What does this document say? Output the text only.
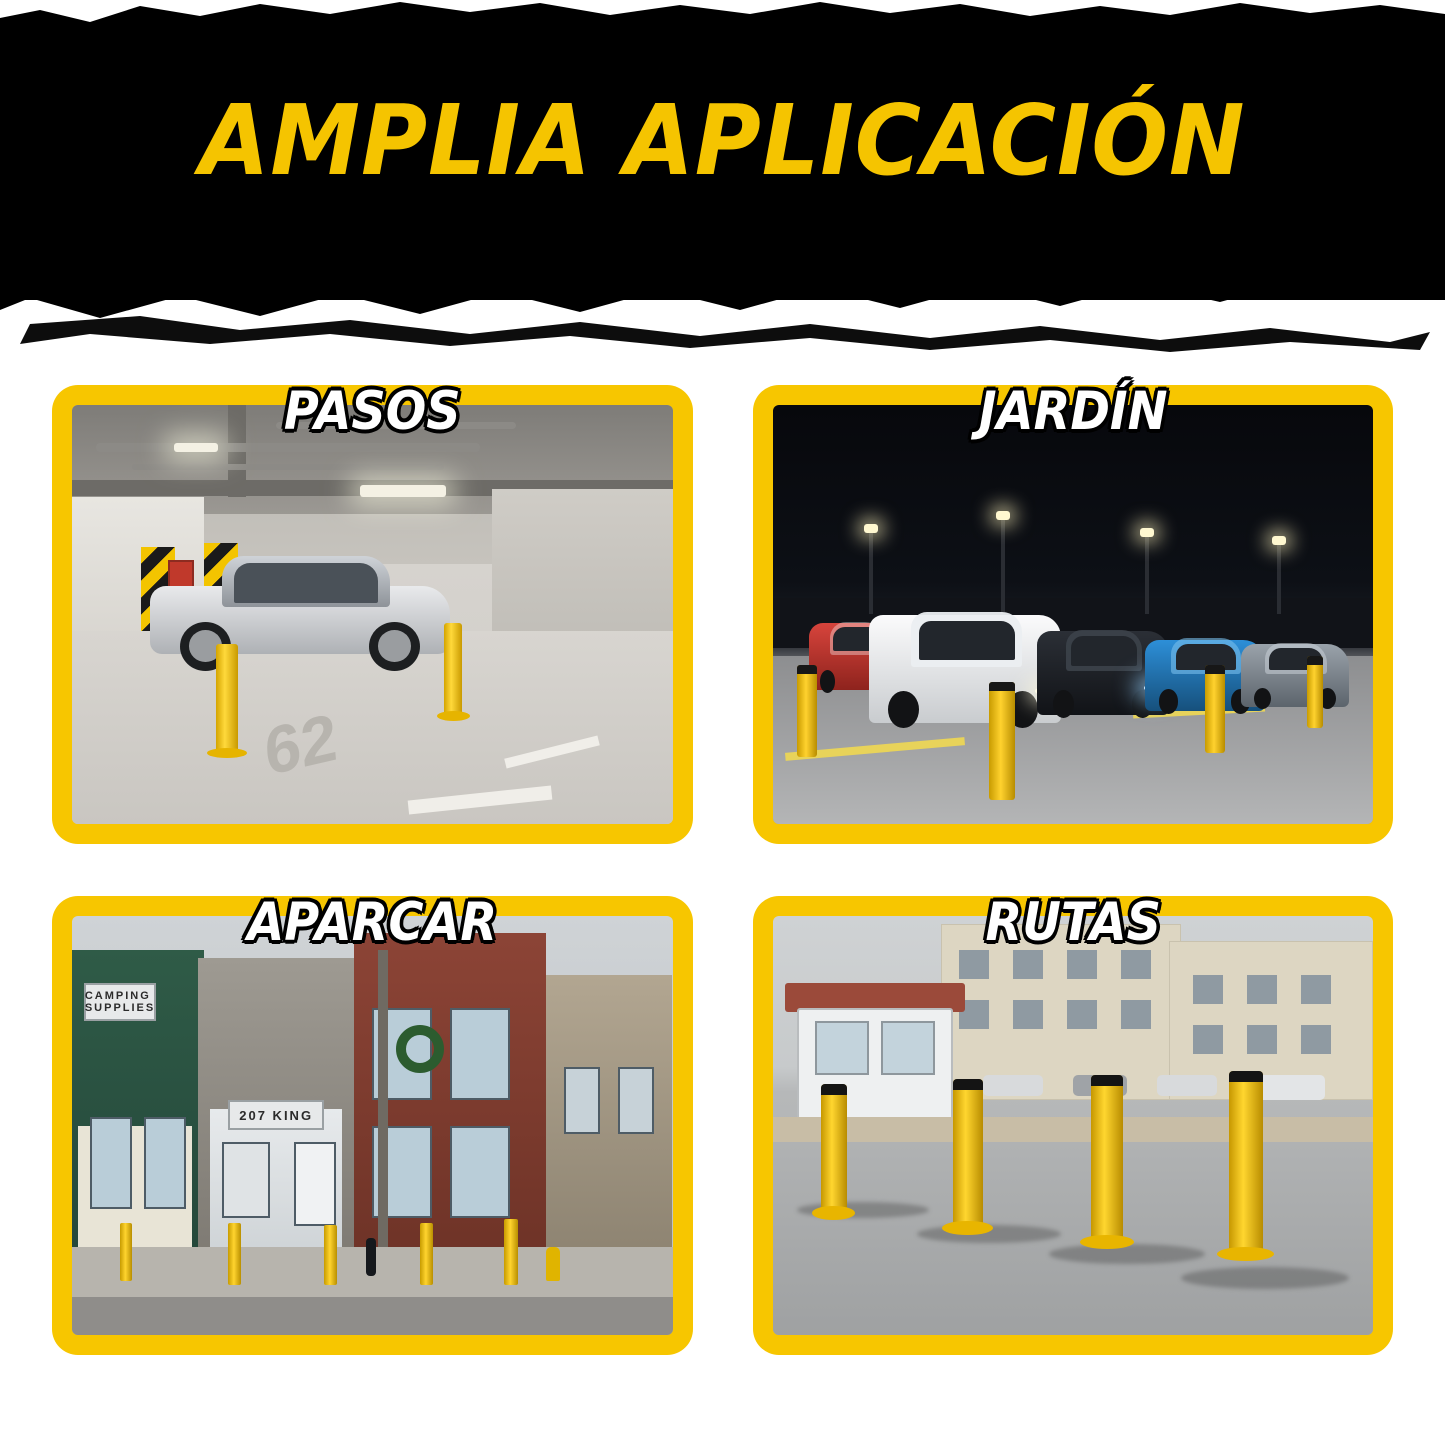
AMPLIA APLICACIÓN
62
PASOS	JARDÍN
CAMPING
SUPPLIES
207 KING
APARCAR	RUTAS
